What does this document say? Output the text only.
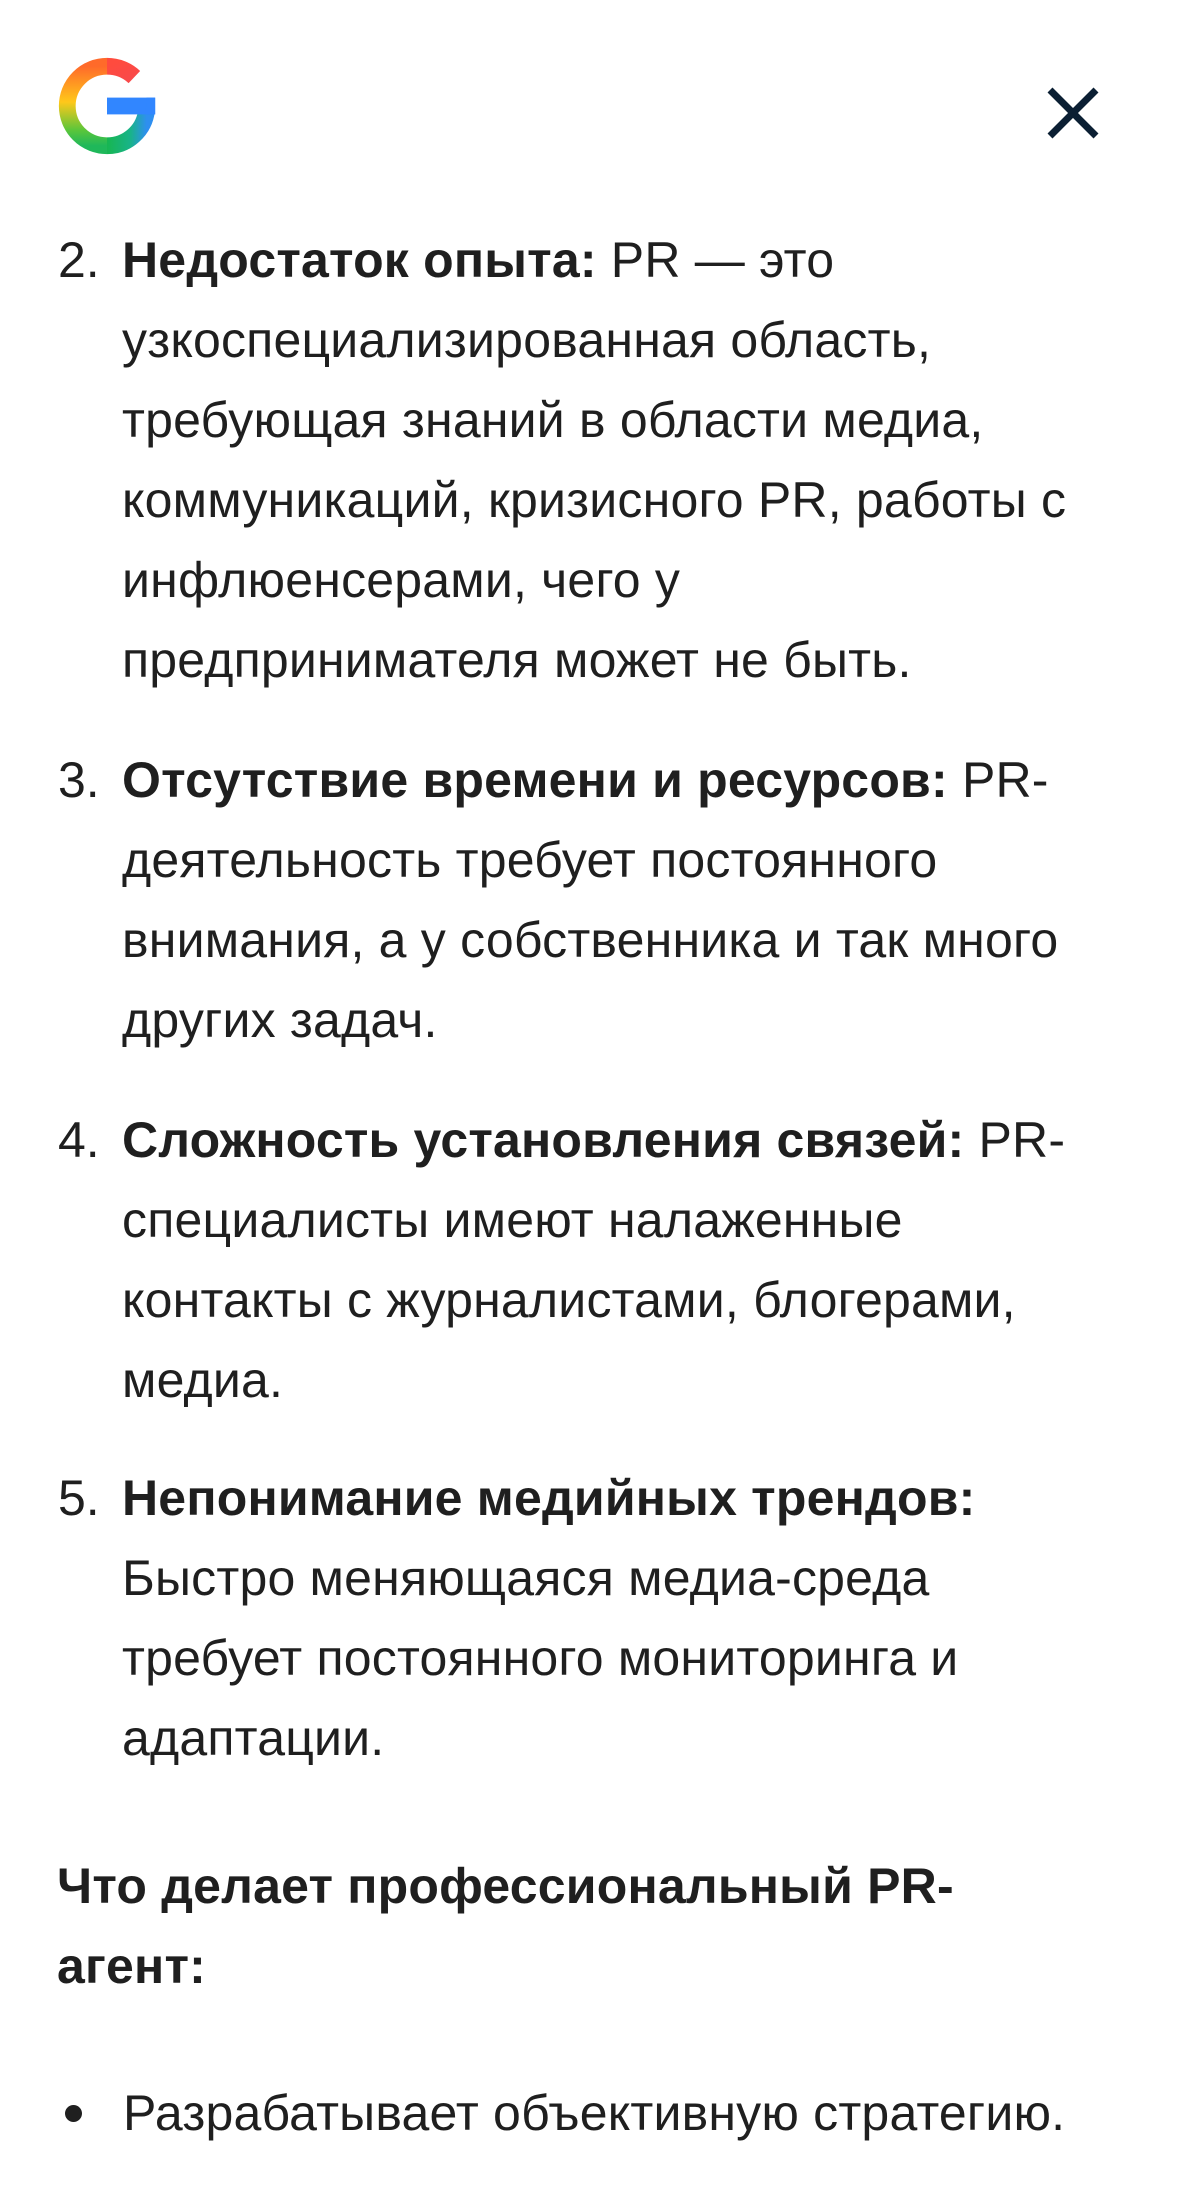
2. Недостаток опыта: PR — это
узкоспециализированная область,
требующая знаний в области медиа,
коммуникаций, кризисного PR, работы с
инфлюенсерами, чего у
предпринимателя может не быть.
3. Отсутствие времени и ресурсов: PR-
деятельность требует постоянного
внимания, а у собственника и так много
других задач.
4. Сложность установления связей: PR-
специалисты имеют налаженные
контакты с журналистами, блогерами,
медиа.
5. Непонимание медийных трендов:
Быстро меняющаяся медиа-среда
требует постоянного мониторинга и
адаптации.
Что делает профессиональный PR-
агент:
Разрабатывает объективную стратегию.
